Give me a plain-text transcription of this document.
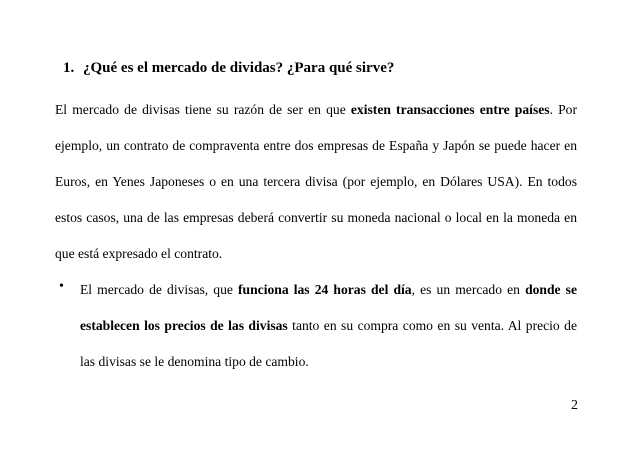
1. ¿Qué es el mercado de dividas? ¿Para qué sirve?
El mercado de divisas tiene su razón de ser en que existen transacciones entre países. Por ejemplo, un contrato de compraventa entre dos empresas de España y Japón se puede hacer en Euros, en Yenes Japoneses o en una tercera divisa (por ejemplo, en Dólares USA). En todos estos casos, una de las empresas deberá convertir su moneda nacional o local en la moneda en que está expresado el contrato.
• El mercado de divisas, que funciona las 24 horas del día, es un mercado en donde se establecen los precios de las divisas tanto en su compra como en su venta. Al precio de las divisas se le denomina tipo de cambio.
2
